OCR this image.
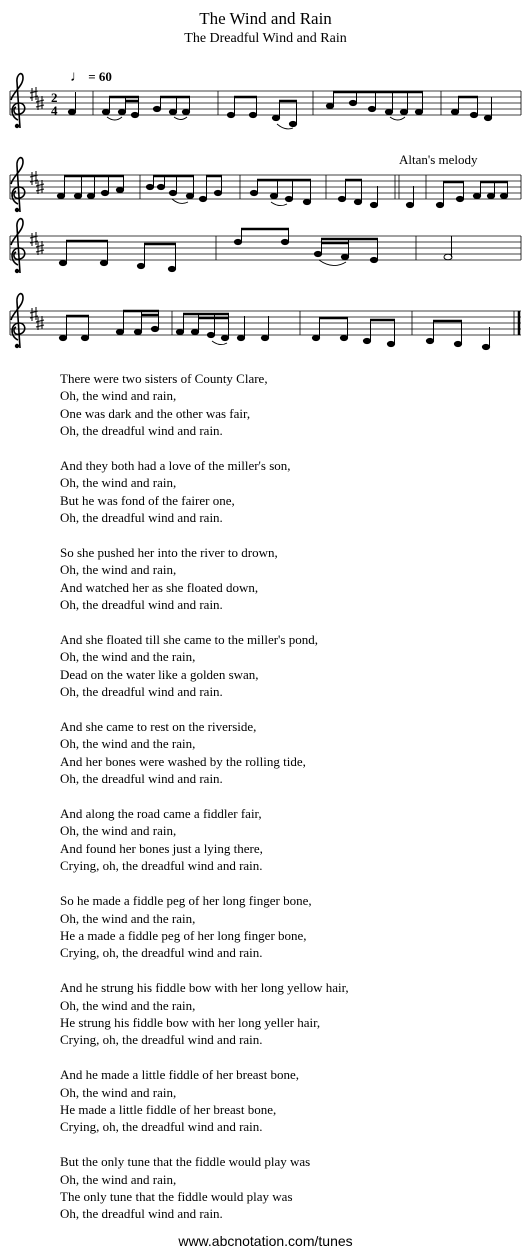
The Wind and Rain
The Dreadful Wind and Rain
♩ = 60
Altan's melody
2
4
There were two sisters of County Clare,
Oh, the wind and rain,
One was dark and the other was fair,
Oh, the dreadful wind and rain.
And they both had a love of the miller's son,
Oh, the wind and rain,
But he was fond of the fairer one,
Oh, the dreadful wind and rain.
So she pushed her into the river to drown,
Oh, the wind and rain,
And watched her as she floated down,
Oh, the dreadful wind and rain.
And she floated till she came to the miller's pond,
Oh, the wind and the rain,
Dead on the water like a golden swan,
Oh, the dreadful wind and rain.
And she came to rest on the riverside,
Oh, the wind and the rain,
And her bones were washed by the rolling tide,
Oh, the dreadful wind and rain.
And along the road came a fiddler fair,
Oh, the wind and rain,
And found her bones just a lying there,
Crying, oh, the dreadful wind and rain.
So he made a fiddle peg of her long finger bone,
Oh, the wind and the rain,
He a made a fiddle peg of her long finger bone,
Crying, oh, the dreadful wind and rain.
And he strung his fiddle bow with her long yellow hair,
Oh, the wind and the rain,
He strung his fiddle bow with her long yeller hair,
Crying, oh, the dreadful wind and rain.
And he made a little fiddle of her breast bone,
Oh, the wind and rain,
He made a little fiddle of her breast bone,
Crying, oh, the dreadful wind and rain.
But the only tune that the fiddle would play was
Oh, the wind and rain,
The only tune that the fiddle would play was
Oh, the dreadful wind and rain.
www.abcnotation.com/tunes
